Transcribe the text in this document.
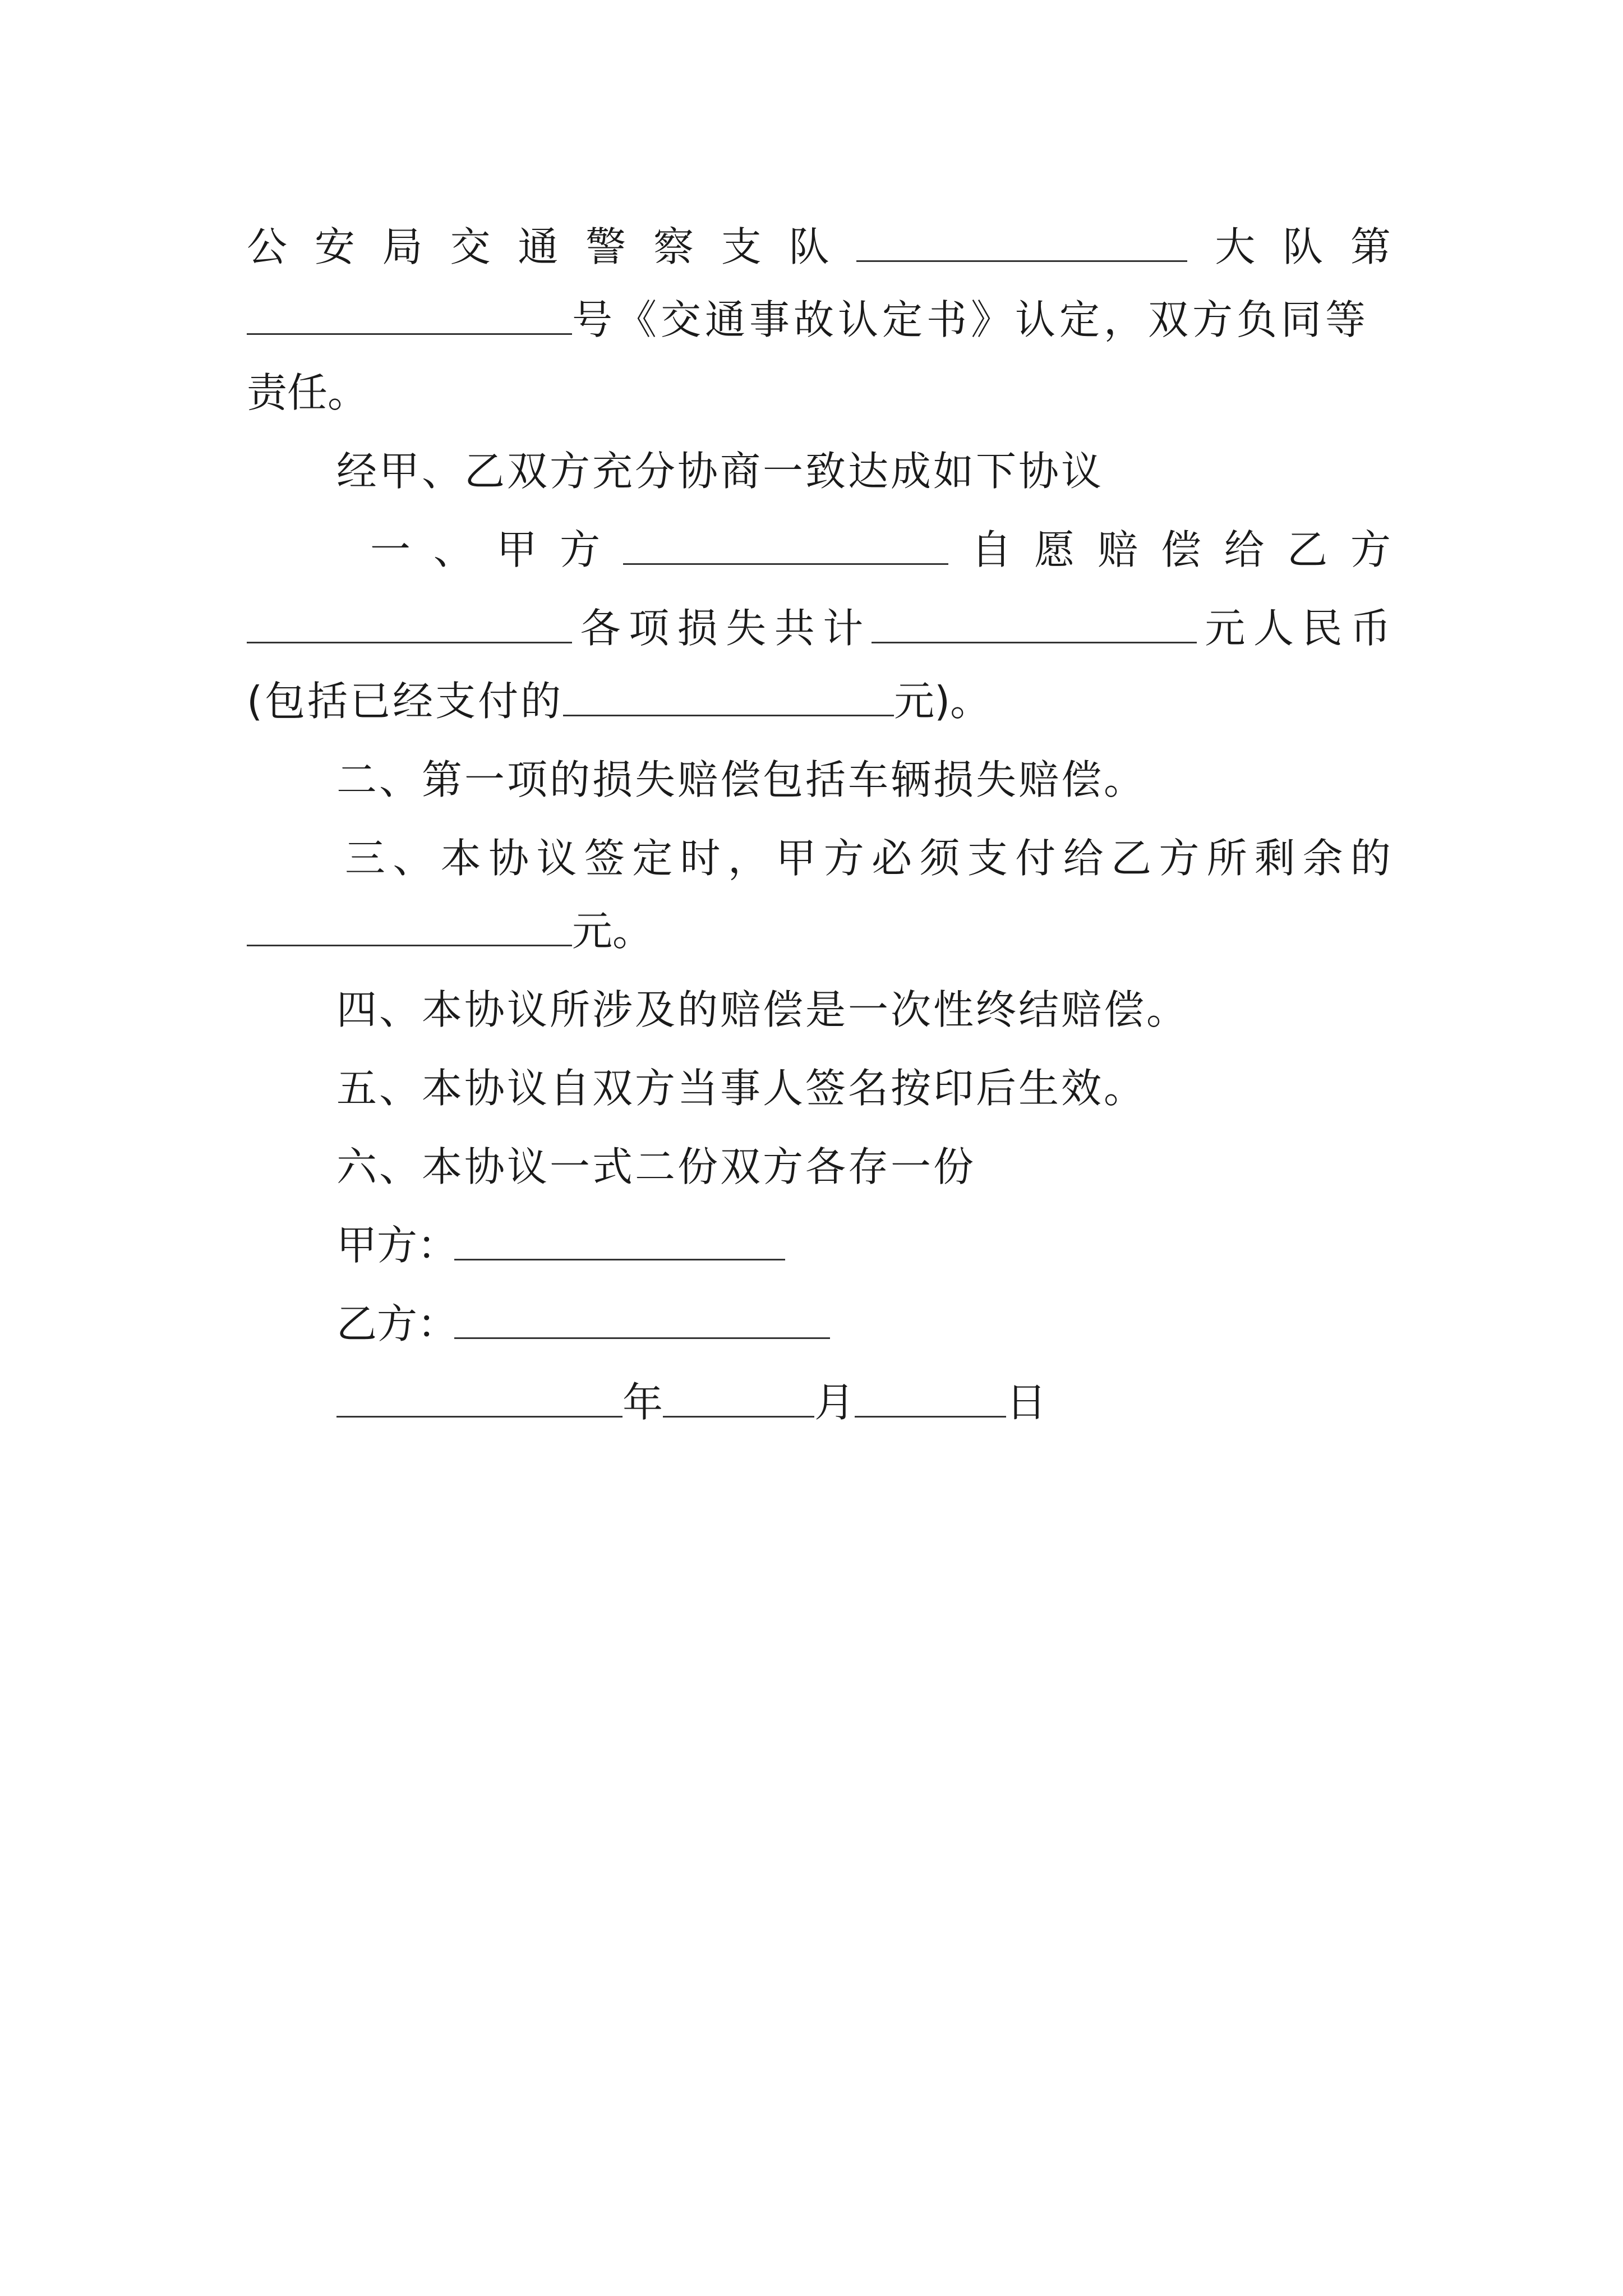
公 安 局 交 通 警 察 支 队	大 队 第
号《交通事故认定书》认定，双方负同等
责任。
经甲、乙双方充分协商一致达成如下协议
一 、 甲 方	自 愿 赔 偿 给 乙 方
各 项 损 失 共 计	元 人 民 币
(包括已经支付的	元)。
二、第一项的损失赔偿包括车辆损失赔偿。
三 、 本 协 议 签 定 时 ， 甲 方 必 须 支 付 给 乙 方 所 剩 余 的
元。
四、本协议所涉及的赔偿是一次性终结赔偿。
五、本协议自双方当事人签名按印后生效。
六、本协议一式二份双方各存一份
甲方：
乙方：
年	月	日
